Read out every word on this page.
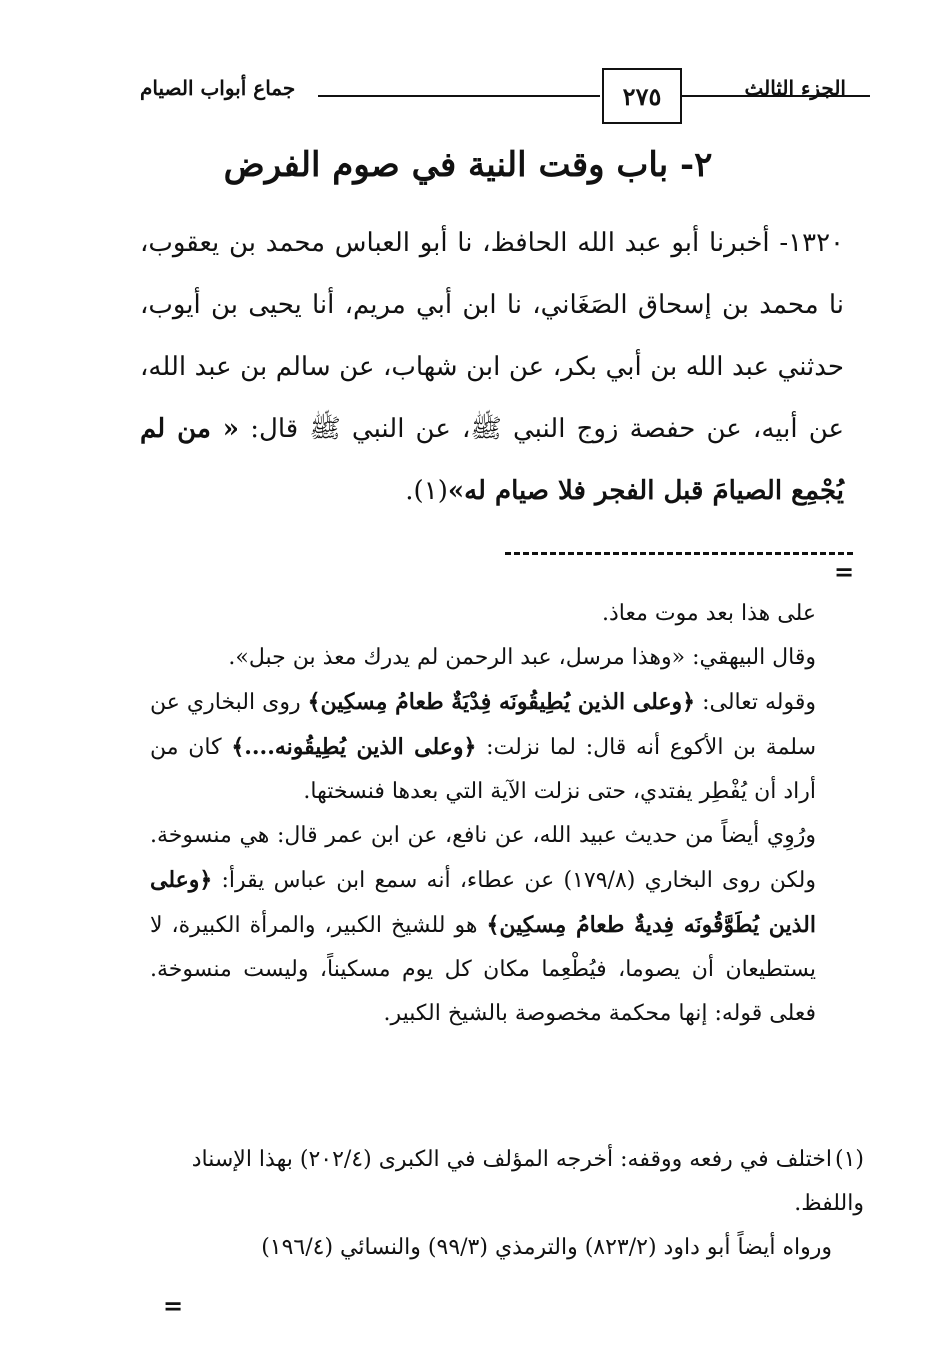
الجزء الثالث
٢٧٥
جماع أبواب الصيام
٢- باب وقت النية في صوم الفرض
١٣٢٠- أخبرنا أبو عبد الله الحافظ، نا أبو العباس محمد بن يعقوب، نا محمد بن إسحاق الصَغَاني، نا ابن أبي مريم، أنا يحيى بن أيوب، حدثني عبد الله بن أبي بكر، عن ابن شهاب، عن سالم بن عبد الله، عن أبيه، عن حفصة زوج النبي ﷺ، عن النبي ﷺ قال: « من لم يُجْمِع الصيامَ قبل الفجر فلا صيام له»(١).
=

على هذا بعد موت معاذ.

وقال البيهقي: «وهذا مرسل، عبد الرحمن لم يدرك معذ بن جبل».

وقوله تعالى: ﴿وعلى الذين يُطِيقُونَه فِدْيَةٌ طعامُ مِسكِين﴾ روى البخاري عن سلمة بن الأكوع أنه قال: لما نزلت: ﴿وعلى الذين يُطِيقُونه....﴾ كان من أراد أن يُفْطِر يفتدي، حتى نزلت الآية التي بعدها فنسختها.

ورُوِي أيضاً من حديث عبيد الله، عن نافع، عن ابن عمر قال: هي منسوخة. ولكن روى البخاري (١٧٩/٨) عن عطاء، أنه سمع ابن عباس يقرأ: ﴿وعلى الذين يُطَوَّقُونَه فِديةٌ طعامُ مِسكِين﴾ هو للشيخ الكبير، والمرأة الكبيرة، لا يستطيعان أن يصوما، فيُطْعِما مكان كل يوم مسكيناً، وليست منسوخة. فعلى قوله: إنها محكمة مخصوصة بالشيخ الكبير.

(١)اختلف في رفعه ووقفه: أخرجه المؤلف في الكبرى (٢٠٢/٤) بهذا الإسناد واللفظ.

ورواه أيضاً أبو داود (٨٢٣/٢) والترمذي (٩٩/٣) والنسائي (١٩٦/٤)

=
